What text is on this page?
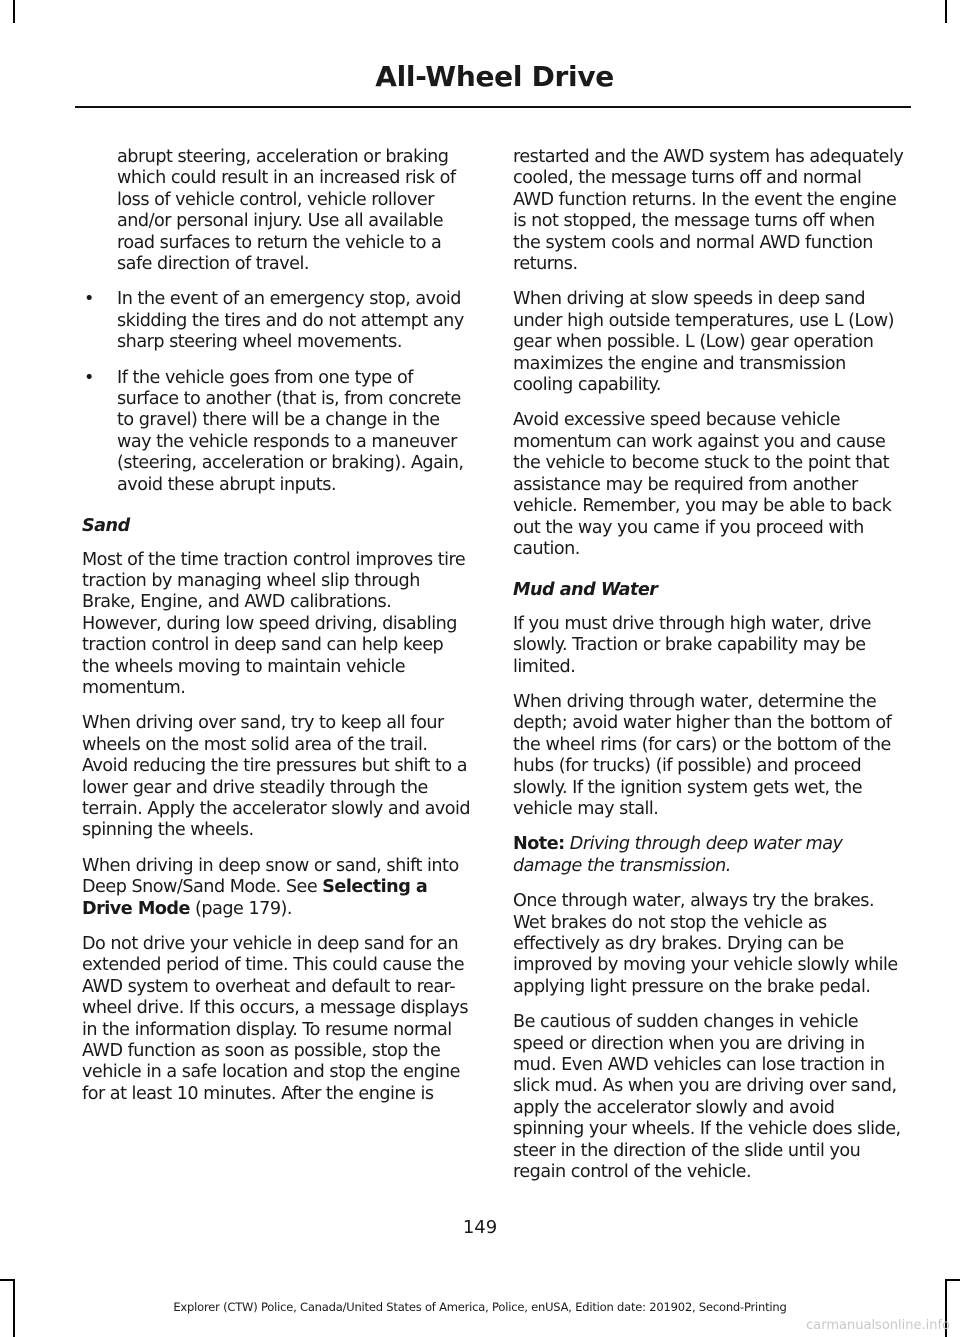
All-Wheel Drive

abrupt steering, acceleration or braking which could result in an increased risk of loss of vehicle control, vehicle rollover and/or personal injury. Use all available road surfaces to return the vehicle to a safe direction of travel.

• In the event of an emergency stop, avoid skidding the tires and do not attempt any sharp steering wheel movements.
• If the vehicle goes from one type of surface to another (that is, from concrete to gravel) there will be a change in the way the vehicle responds to a maneuver (steering, acceleration or braking). Again, avoid these abrupt inputs.
Sand

Most of the time traction control improves tire traction by managing wheel slip through Brake, Engine, and AWD calibrations. However, during low speed driving, disabling traction control in deep sand can help keep the wheels moving to maintain vehicle momentum.

When driving over sand, try to keep all four wheels on the most solid area of the trail. Avoid reducing the tire pressures but shift to a lower gear and drive steadily through the terrain. Apply the accelerator slowly and avoid spinning the wheels.

When driving in deep snow or sand, shift into Deep Snow/Sand Mode. See Selecting a Drive Mode (page 179).

Do not drive your vehicle in deep sand for an extended period of time. This could cause the AWD system to overheat and default to rear-wheel drive. If this occurs, a message displays in the information display. To resume normal AWD function as soon as possible, stop the vehicle in a safe location and stop the engine for at least 10 minutes. After the engine is

restarted and the AWD system has adequately cooled, the message turns off and normal AWD function returns. In the event the engine is not stopped, the message turns off when the system cools and normal AWD function returns.

When driving at slow speeds in deep sand under high outside temperatures, use L (Low) gear when possible. L (Low) gear operation maximizes the engine and transmission cooling capability.

Avoid excessive speed because vehicle momentum can work against you and cause the vehicle to become stuck to the point that assistance may be required from another vehicle. Remember, you may be able to back out the way you came if you proceed with caution.

Mud and Water

If you must drive through high water, drive slowly. Traction or brake capability may be limited.

When driving through water, determine the depth; avoid water higher than the bottom of the wheel rims (for cars) or the bottom of the hubs (for trucks) (if possible) and proceed slowly. If the ignition system gets wet, the vehicle may stall.

Note: Driving through deep water may damage the transmission.

Once through water, always try the brakes. Wet brakes do not stop the vehicle as effectively as dry brakes. Drying can be improved by moving your vehicle slowly while applying light pressure on the brake pedal.

Be cautious of sudden changes in vehicle speed or direction when you are driving in mud. Even AWD vehicles can lose traction in slick mud. As when you are driving over sand, apply the accelerator slowly and avoid spinning your wheels. If the vehicle does slide, steer in the direction of the slide until you regain control of the vehicle.

149
Explorer (CTW) Police, Canada/United States of America, Police, enUSA, Edition date: 201902, Second-Printing
carmanualsonline.info
